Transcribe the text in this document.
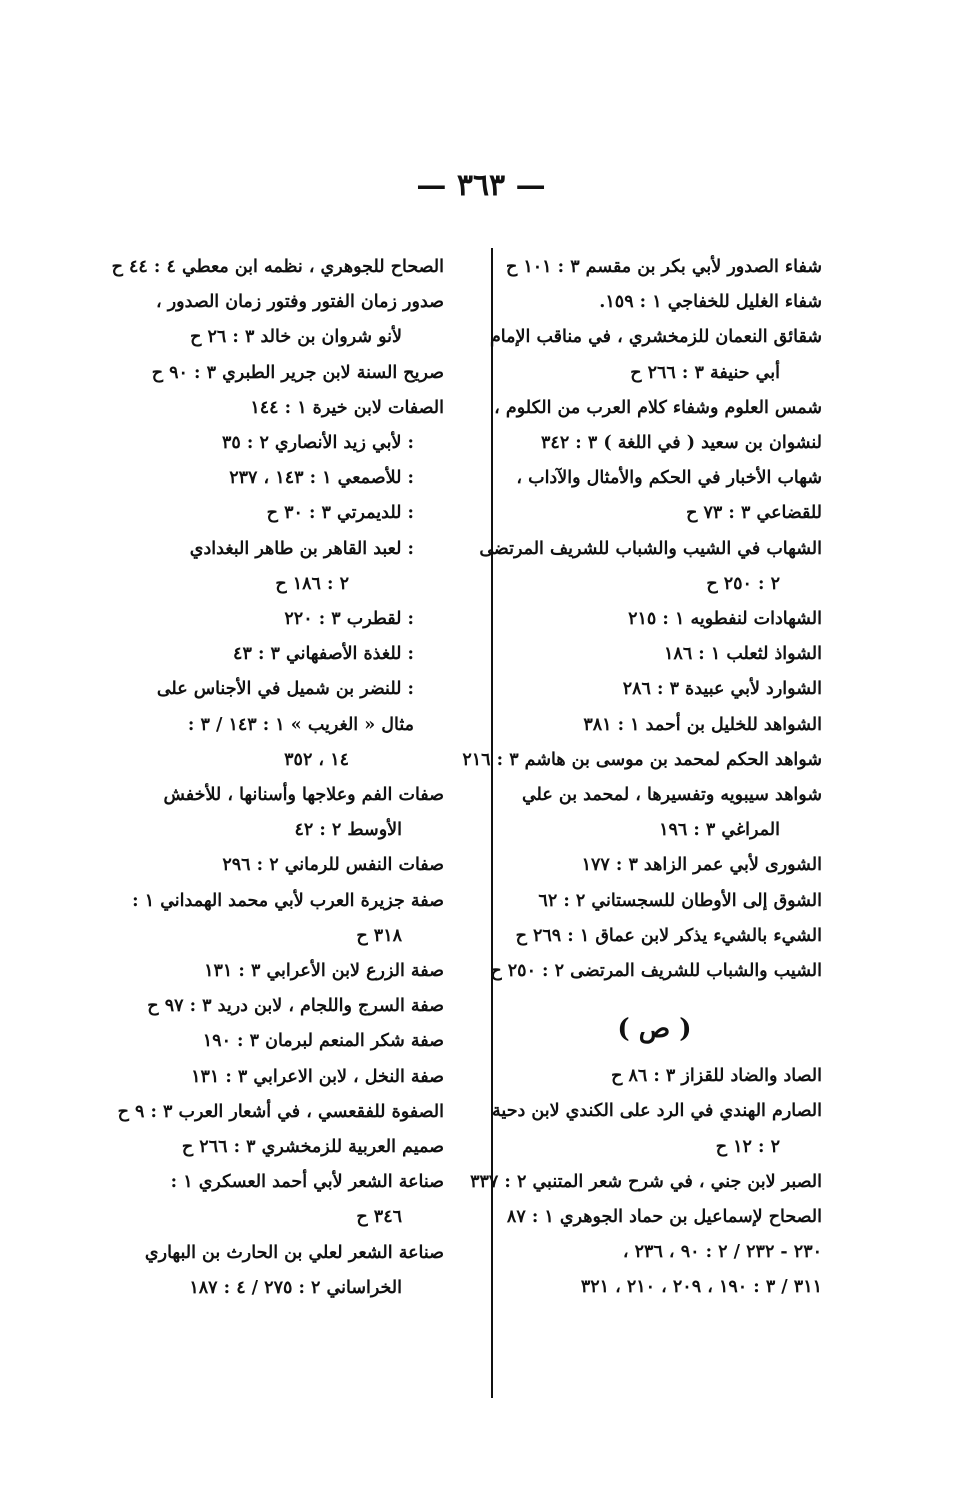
— ٣٦٣ —
شفاء الصدور لأبي بكر بن مقسم ٣ : ١٠١ ح
شفاء الغليل للخفاجي ١ : ١٥٩.
شقائق النعمان للزمخشري ، في مناقب الإمام
أبي حنيفة ٣ : ٢٦٦ ح
شمس العلوم وشفاء كلام العرب من الكلوم ،
لنشوان بن سعيد ( في اللغة ) ٣ : ٣٤٢
شهاب الأخبار في الحكم والأمثال والآداب ،
للقضاعي ٣ : ٧٣ ح
الشهاب في الشيب والشباب للشريف المرتضى
٢ : ٢٥٠ ح
الشهادات لنفطويه ١ : ٢١٥
الشواذ لثعلب ١ : ١٨٦
الشوارد لأبي عبيدة ٣ : ٢٨٦
الشواهد للخليل بن أحمد ١ : ٣٨١
شواهد الحكم لمحمد بن موسى بن هاشم ٣ : ٢١٦
شواهد سيبويه وتفسيرها ، لمحمد بن علي
المراغي ٣ : ١٩٦
الشورى لأبي عمر الزاهد ٣ : ١٧٧
الشوق إلى الأوطان للسجستاني ٢ : ٦٢
الشيء بالشيء يذكر لابن عماق ١ : ٢٦٩ ح
الشيب والشباب للشريف المرتضى ٢ : ٢٥٠ ح
( ص )
الصاد والضاد للقزاز ٣ : ٨٦ ح
الصارم الهندي في الرد على الكندي لابن دحية
٢ : ١٢ ح
الصبر لابن جني ، في شرح شعر المتنبي ٢ : ٣٣٧
الصحاح لإسماعيل بن حماد الجوهري ١ : ٨٧
٢٣٠ - ٢٣٢ / ٢ : ٩٠ ، ٢٣٦ ،
٣١١ / ٣ : ١٩٠ ، ٢٠٩ ، ٢١٠ ، ٣٢١
الصحاح للجوهري ، نظمه ابن معطي ٤ : ٤٤ ح
صدور زمان الفتور وفتور زمان الصدور ،
لأنو شروان بن خالد ٣ : ٢٦ ح
صريح السنة لابن جرير الطبري ٣ : ٩٠ ح
الصفات لابن خيرة ١ : ١٤٤
: لأبي زيد الأنصاري ٢ : ٣٥
: للأصمعي ١ : ١٤٣ ، ٢٣٧
: للديمرتي ٣ : ٣٠ ح
: لعبد القاهر بن طاهر البغدادي
٢ : ١٨٦ ح
: لقطرب ٣ : ٢٢٠
: للغذة الأصفهاني ٣ : ٤٣
: للنضر بن شميل في الأجناس على
مثال « الغريب » ١ : ١٤٣ / ٣ :
١٤ ، ٣٥٢
صفات الفم وعلاجها وأسنانها ، للأخفش
الأوسط ٢ : ٤٢
صفات النفس للرماني ٢ : ٢٩٦
صفة جزيرة العرب لأبي محمد الهمداني ١ :
٣١٨ ح
صفة الزرع لابن الأعرابي ٣ : ١٣١
صفة السرج واللجام ، لابن دريد ٣ : ٩٧ ح
صفة شكر المنعم لبرمان ٣ : ١٩٠
صفة النخل ، لابن الاعرابي ٣ : ١٣١
الصفوة للفقعسي ، في أشعار العرب ٣ : ٩ ح
صميم العربية للزمخشري ٣ : ٢٦٦ ح
صناعة الشعر لأبي أحمد العسكري ١ :
٣٤٦ ح
صناعة الشعر لعلي بن الحارث بن البهاري
الخراساني ٢ : ٢٧٥ / ٤ : ١٨٧
